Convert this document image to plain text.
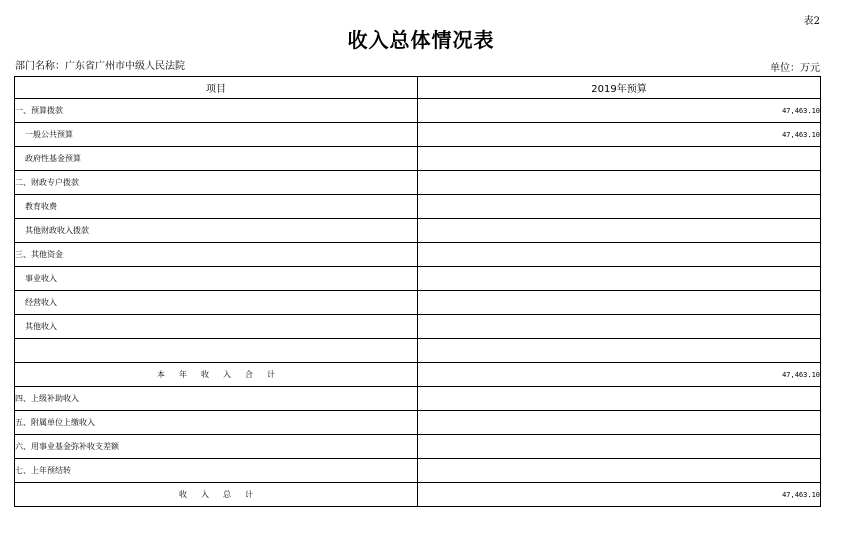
表2
收入总体情况表
部门名称：广东省广州市中级人民法院	单位：万元
项目	2019年预算
一、预算拨款	47,463.10
一般公共预算	47,463.10
政府性基金预算	
二、财政专户拨款	
教育收费	
其他财政收入拨款	
三、其他资金	
事业收入	
经营收入	
其他收入	

本年收入合计	47,463.10
四、上级补助收入	
五、附属单位上缴收入	
六、用事业基金弥补收支差额	
七、上年预结转	
收入总计	47,463.10
